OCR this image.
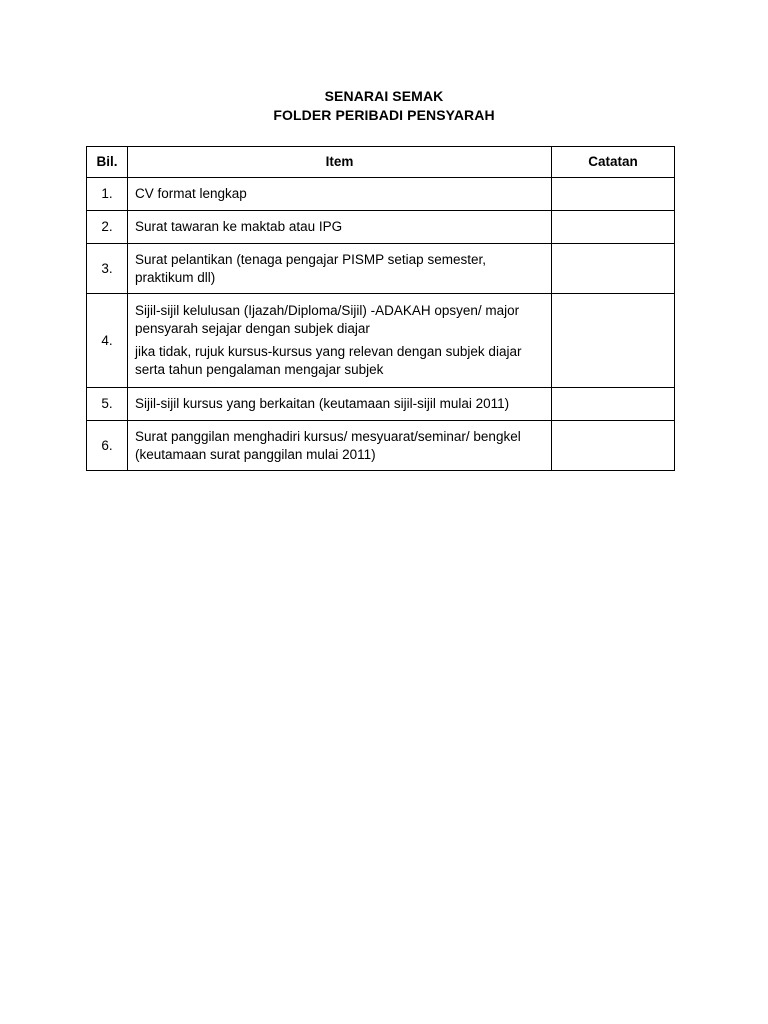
SENARAI SEMAK
FOLDER PERIBADI PENSYARAH
Bil.	Item	Catatan
1.	CV format lengkap	

2.	Surat tawaran ke maktab atau IPG	

3.	Surat pelantikan (tenaga pengajar PISMP setiap semester, praktikum dll)	

4.	Sijil-sijil kelulusan (Ijazah/Diploma/Sijil) -ADAKAH opsyen/ major pensyarah sejajar dengan subjek diajar
jika tidak, rujuk kursus-kursus yang relevan dengan subjek diajar serta tahun pengalaman mengajar subjek	

5.	Sijil-sijil kursus yang berkaitan (keutamaan sijil-sijil mulai 2011)	

6.	Surat panggilan menghadiri kursus/ mesyuarat/seminar/ bengkel (keutamaan surat panggilan mulai 2011)	
